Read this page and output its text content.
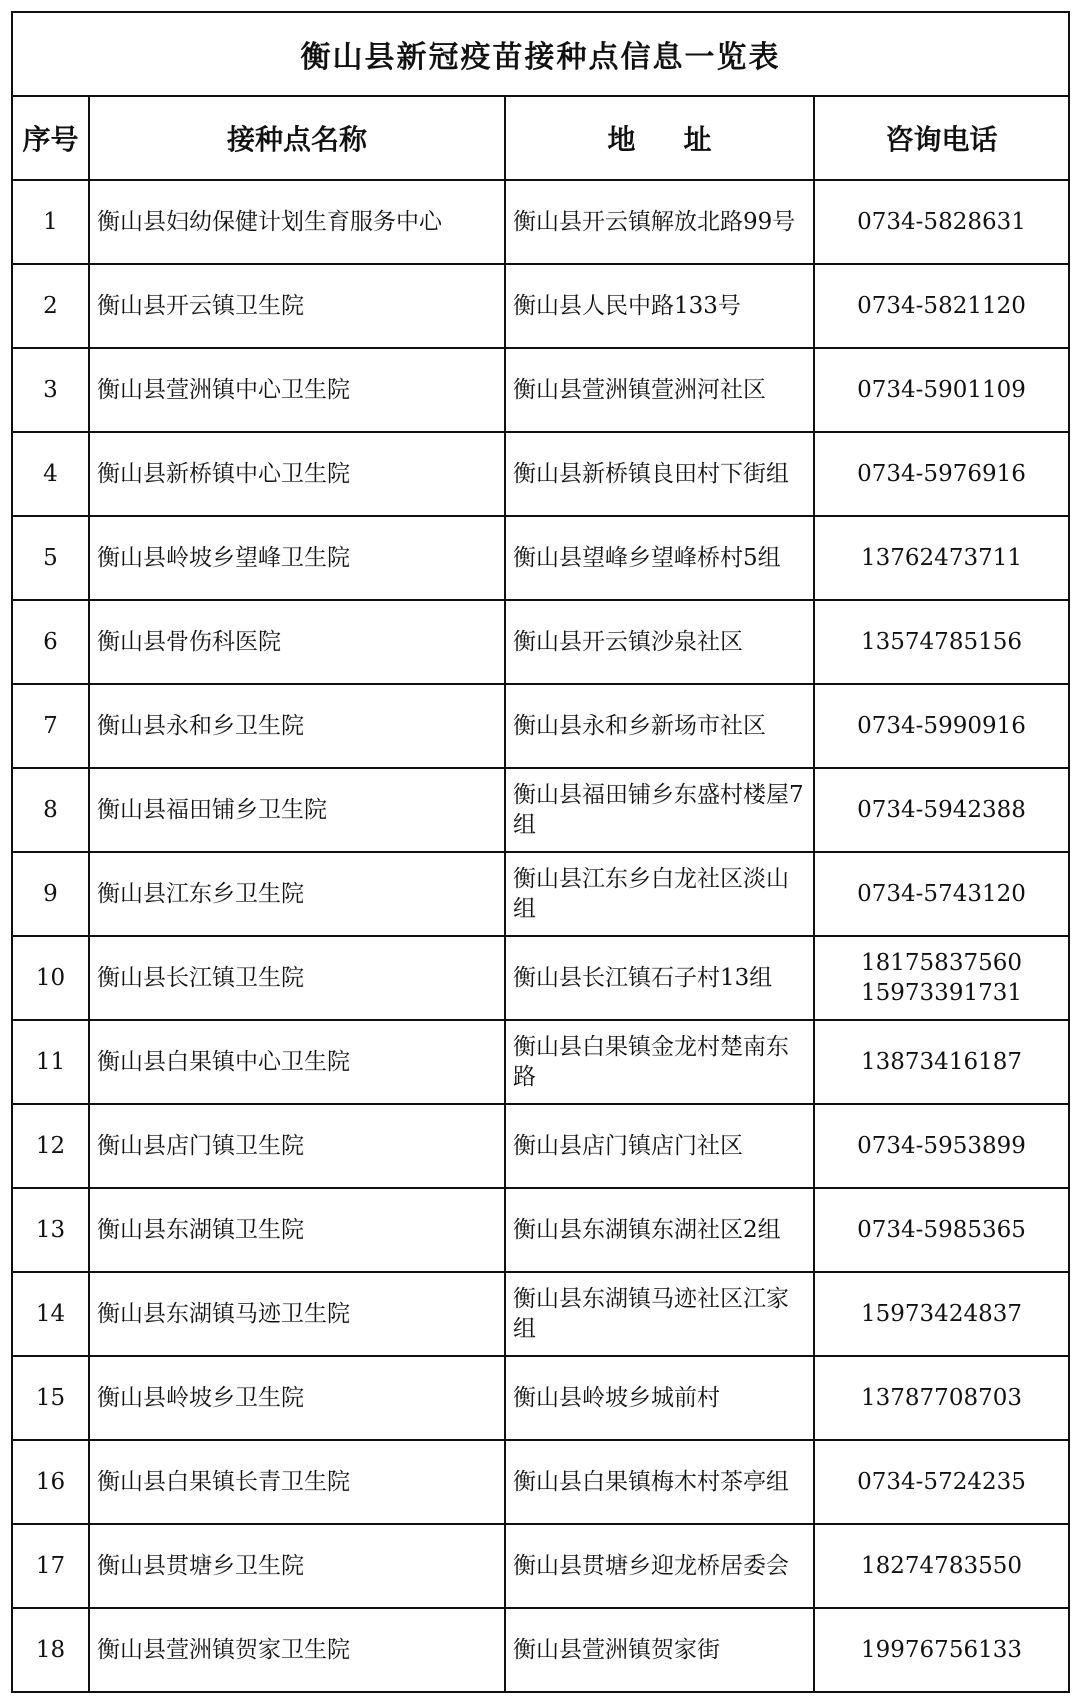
衡山县新冠疫苗接种点信息一览表			
序号	接种点名称	地址	咨询电话
1	衡山县妇幼保健计划生育服务中心	衡山县开云镇解放北路99号	0734-5828631

2	衡山县开云镇卫生院	衡山县人民中路133号	0734-5821120

3	衡山县萱洲镇中心卫生院	衡山县萱洲镇萱洲河社区	0734-5901109

4	衡山县新桥镇中心卫生院	衡山县新桥镇良田村下街组	0734-5976916

5	衡山县岭坡乡望峰卫生院	衡山县望峰乡望峰桥村5组	13762473711

6	衡山县骨伤科医院	衡山县开云镇沙泉社区	13574785156

7	衡山县永和乡卫生院	衡山县永和乡新场市社区	0734-5990916

8	衡山县福田铺乡卫生院	衡山县福田铺乡东盛村楼屋7组	0734-5942388

9	衡山县江东乡卫生院	衡山县江东乡白龙社区淡山组	0734-5743120

10	衡山县长江镇卫生院	衡山县长江镇石子村13组	18175837560
15973391731

11	衡山县白果镇中心卫生院	衡山县白果镇金龙村楚南东路	13873416187

12	衡山县店门镇卫生院	衡山县店门镇店门社区	0734-5953899

13	衡山县东湖镇卫生院	衡山县东湖镇东湖社区2组	0734-5985365

14	衡山县东湖镇马迹卫生院	衡山县东湖镇马迹社区江家组	15973424837

15	衡山县岭坡乡卫生院	衡山县岭坡乡城前村	13787708703

16	衡山县白果镇长青卫生院	衡山县白果镇梅木村茶亭组	0734-5724235

17	衡山县贯塘乡卫生院	衡山县贯塘乡迎龙桥居委会	18274783550

18	衡山县萱洲镇贺家卫生院	衡山县萱洲镇贺家街	19976756133
